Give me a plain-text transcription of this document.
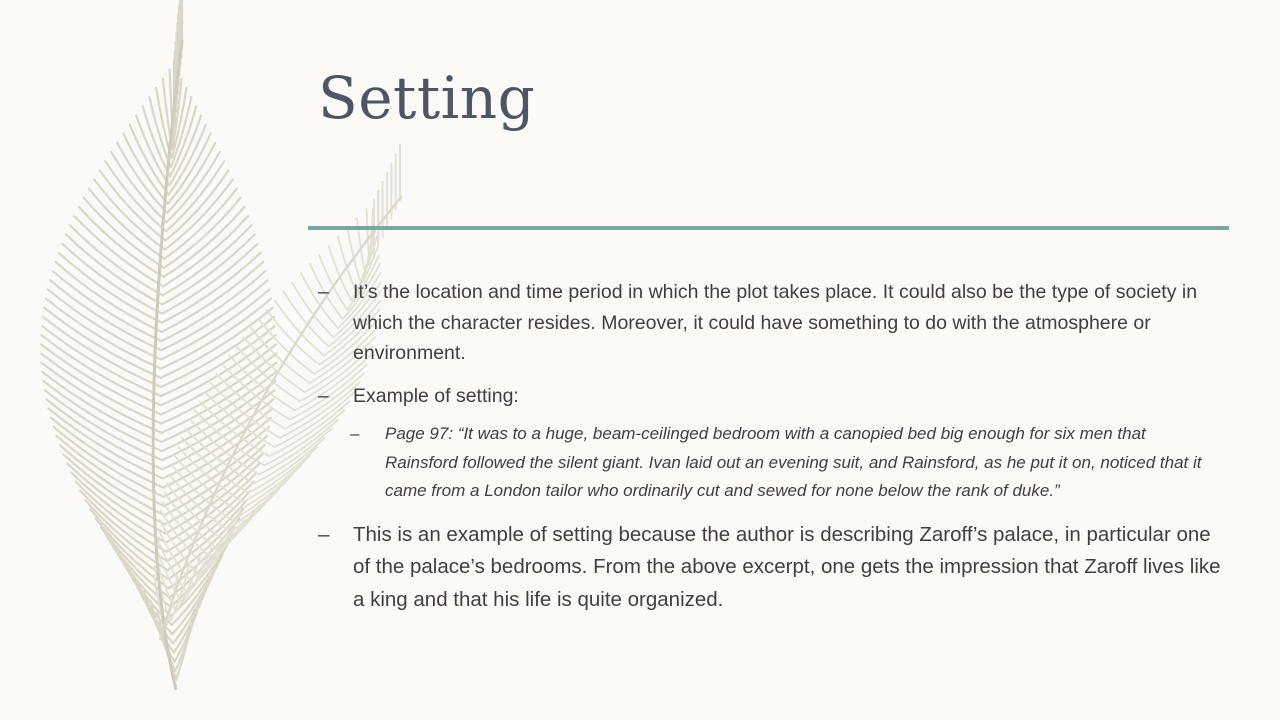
Setting
– It’s the location and time period in which the plot takes place. It could also be the type of society in which the character resides. Moreover, it could have something to do with the atmosphere or environment.
– Example of setting:
– Page 97: “It was to a huge, beam-ceilinged bedroom with a canopied bed big enough for six men that Rainsford followed the silent giant. Ivan laid out an evening suit, and Rainsford, as he put it on, noticed that it came from a London tailor who ordinarily cut and sewed for none below the rank of duke.”
– This is an example of setting because the author is describing Zaroff’s palace, in particular one of the palace’s bedrooms. From the above excerpt, one gets the impression that Zaroff lives like a king and that his life is quite organized.
